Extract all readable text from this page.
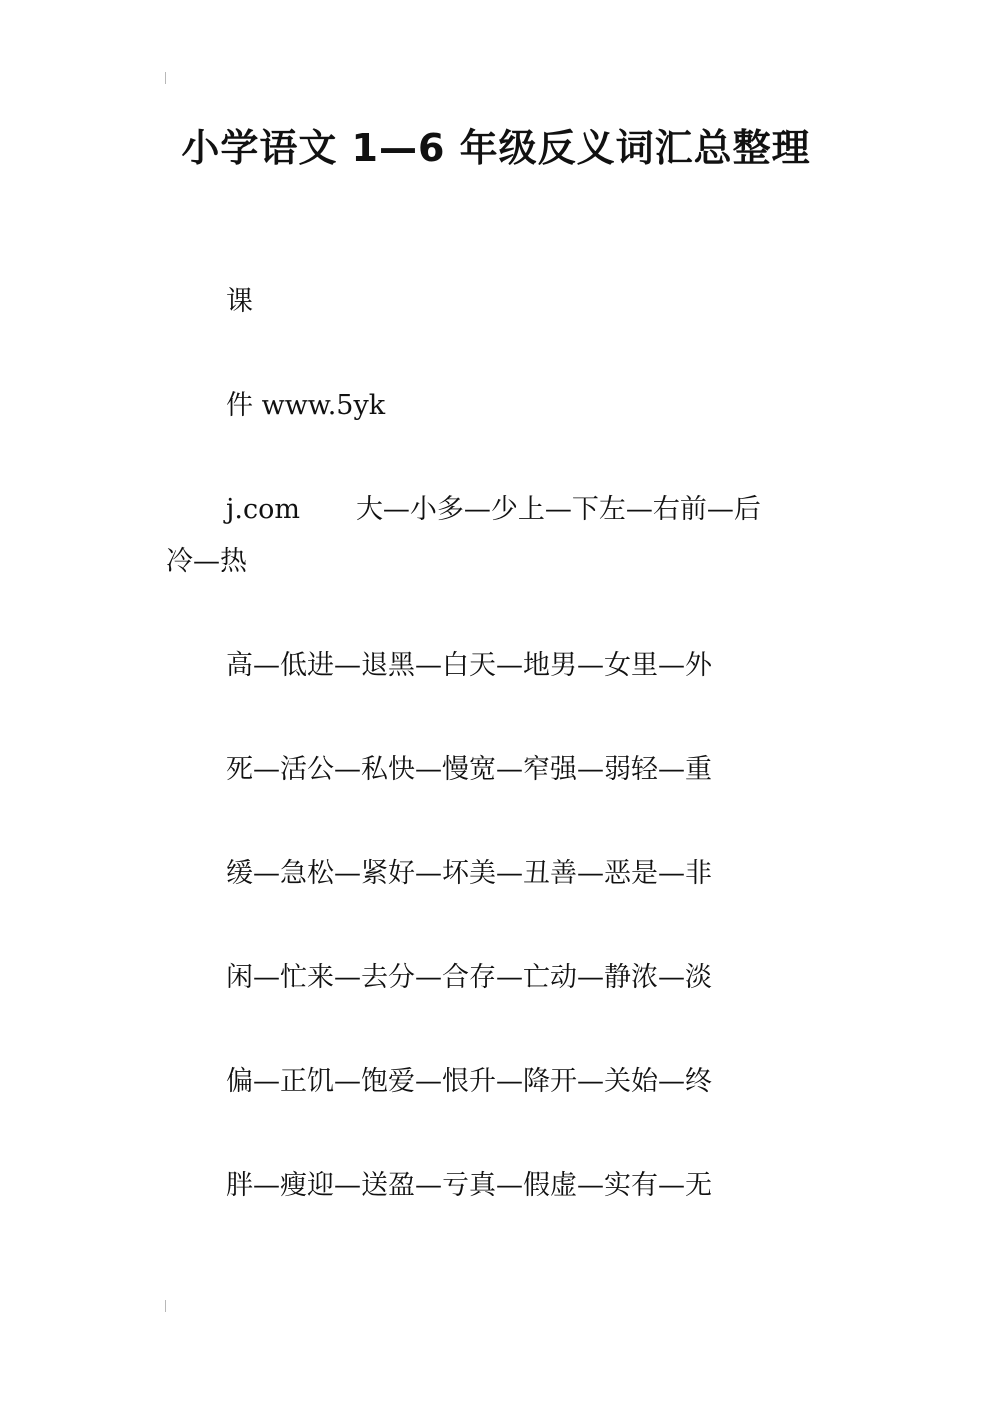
小学语文 1—6 年级反义词汇总整理

课

件 www.5yk

j.com 大—小多—少上—下左—右前—后

冷—热

高—低进—退黑—白天—地男—女里—外

死—活公—私快—慢宽—窄强—弱轻—重

缓—急松—紧好—坏美—丑善—恶是—非

闲—忙来—去分—合存—亡动—静浓—淡

偏—正饥—饱爱—恨升—降开—关始—终

胖—瘦迎—送盈—亏真—假虚—实有—无
